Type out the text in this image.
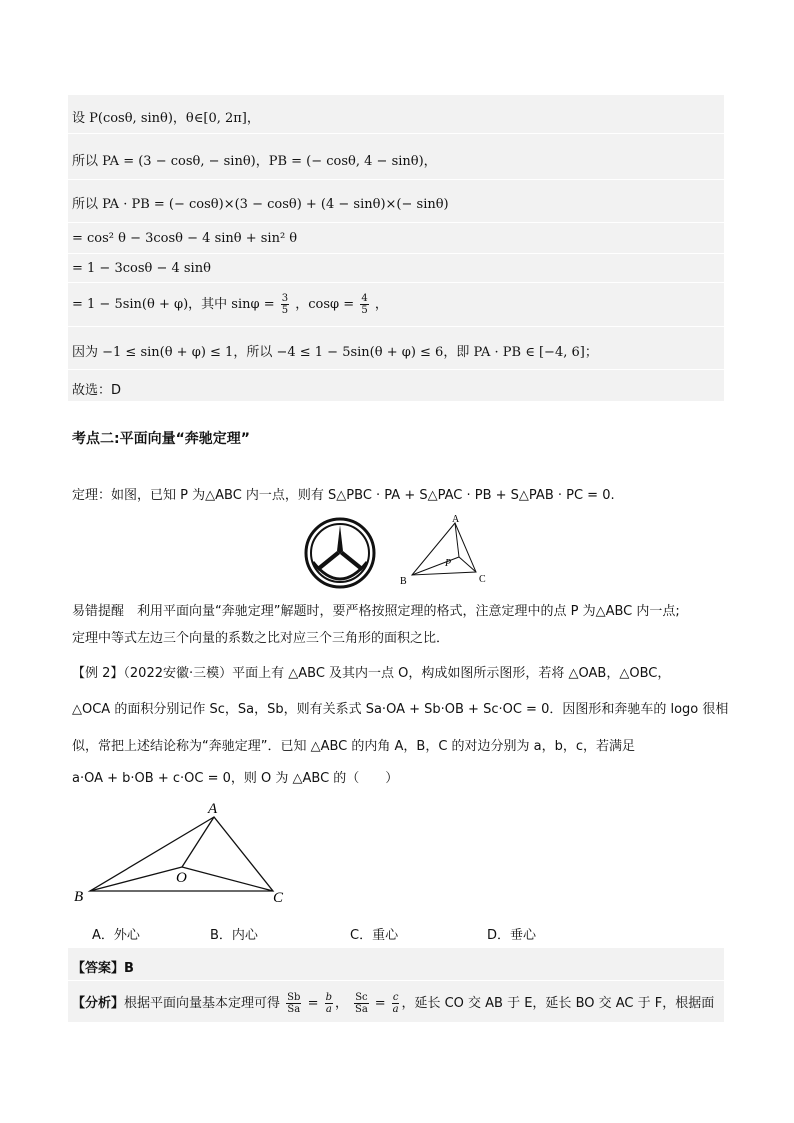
设 P(cosθ, sinθ)，θ∈[0, 2π]，
所以 PA = (3 − cosθ, − sinθ)，PB = (− cosθ, 4 − sinθ)，
所以 PA · PB = (− cosθ)×(3 − cosθ) + (4 − sinθ)×(− sinθ)
= cos² θ − 3cosθ − 4 sinθ + sin² θ
= 1 − 3cosθ − 4 sinθ
= 1 − 5sin(θ + φ)，其中 $\sin\varphi = \frac{3}{5}$ ，$\cos\varphi = \frac{4}{5}$ ，
因为 −1 ≤ sin(θ + φ) ≤ 1，所以 −4 ≤ 1 − 5sin(θ + φ) ≤ 6，即 PA · PB ∈ [−4, 6]；
故选：D
考点二:平面向量“奔驰定理”
定理：如图，已知 P 为△ABC 内一点，则有 S△PBC · PA + S△PAC · PB + S△PAB · PC = 0.
A
B	C
P
易错提醒　利用平面向量“奔驰定理”解题时，要严格按照定理的格式，注意定理中的点 P 为△ABC 内一点;
定理中等式左边三个向量的系数之比对应三个三角形的面积之比．
【例 2】（2022安徽·三模）平面上有 △ABC 及其内一点 O，构成如图所示图形，若将 △OAB，△OBC，
△OCA 的面积分别记作 Sc，Sa，Sb，则有关系式 Sa·OA + Sb·OB + Sc·OC = 0．因图形和奔驰车的 logo 很相
似，常把上述结论称为“奔驰定理”．已知 △ABC 的内角 A，B，C 的对边分别为 a，b，c，若满足
a·OA + b·OB + c·OC = 0，则 O 为 △ABC 的（　　）
A
B	C
O
A．外心	B．内心	C．重心	D．垂心
【答案】B
【分析】根据平面向量基本定理可得 $\frac{Sb}{Sa} = \frac{b}{a}$ ， $\frac{Sc}{Sa} = \frac{c}{a}$ ，延长 CO 交 AB 于 E，延长 BO 交 AC 于 F，根据面
